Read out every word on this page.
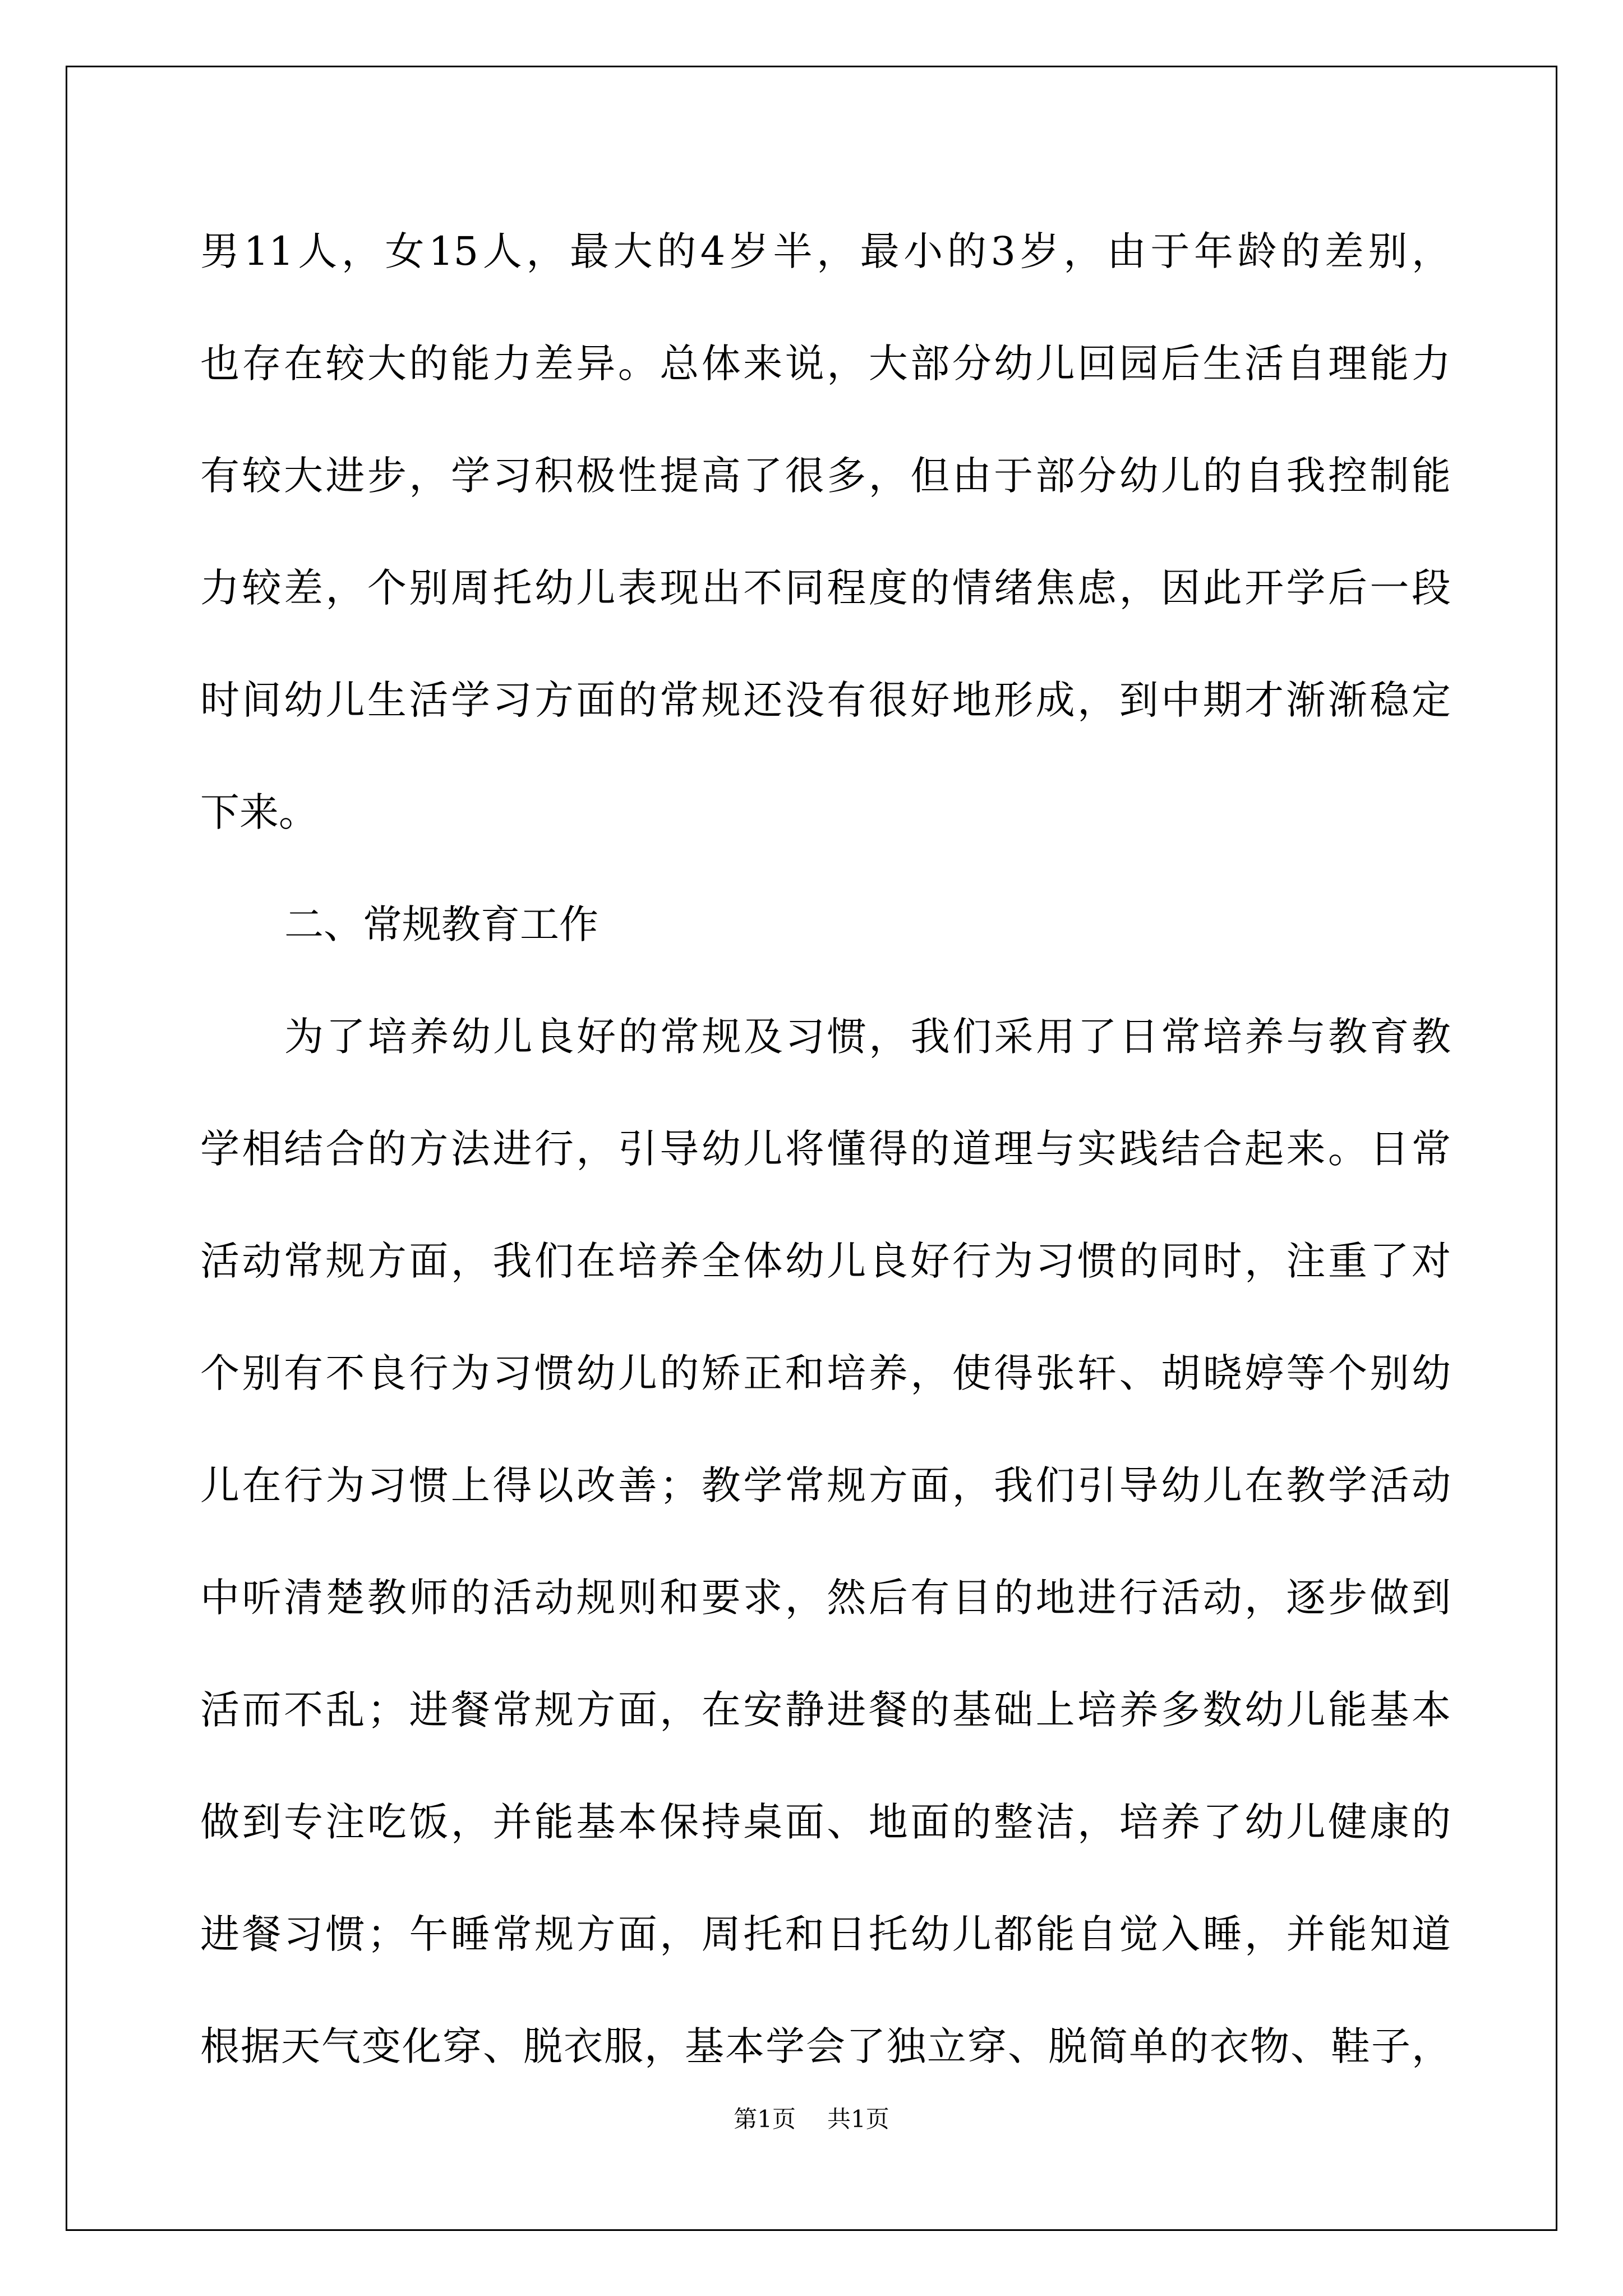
男11人，女15人，最大的4岁半，最小的3岁，由于年龄的差别，
也存在较大的能力差异。总体来说，大部分幼儿回园后生活自理能力
有较大进步，学习积极性提高了很多，但由于部分幼儿的自我控制能
力较差，个别周托幼儿表现出不同程度的情绪焦虑，因此开学后一段
时间幼儿生活学习方面的常规还没有很好地形成，到中期才渐渐稳定
下来。
二、常规教育工作
为了培养幼儿良好的常规及习惯，我们采用了日常培养与教育教
学相结合的方法进行，引导幼儿将懂得的道理与实践结合起来。日常
活动常规方面，我们在培养全体幼儿良好行为习惯的同时，注重了对
个别有不良行为习惯幼儿的矫正和培养，使得张轩、胡晓婷等个别幼
儿在行为习惯上得以改善；教学常规方面，我们引导幼儿在教学活动
中听清楚教师的活动规则和要求，然后有目的地进行活动，逐步做到
活而不乱；进餐常规方面，在安静进餐的基础上培养多数幼儿能基本
做到专注吃饭，并能基本保持桌面、地面的整洁，培养了幼儿健康的
进餐习惯；午睡常规方面，周托和日托幼儿都能自觉入睡，并能知道
根据天气变化穿、脱衣服，基本学会了独立穿、脱简单的衣物、鞋子，
第1页 共1页
